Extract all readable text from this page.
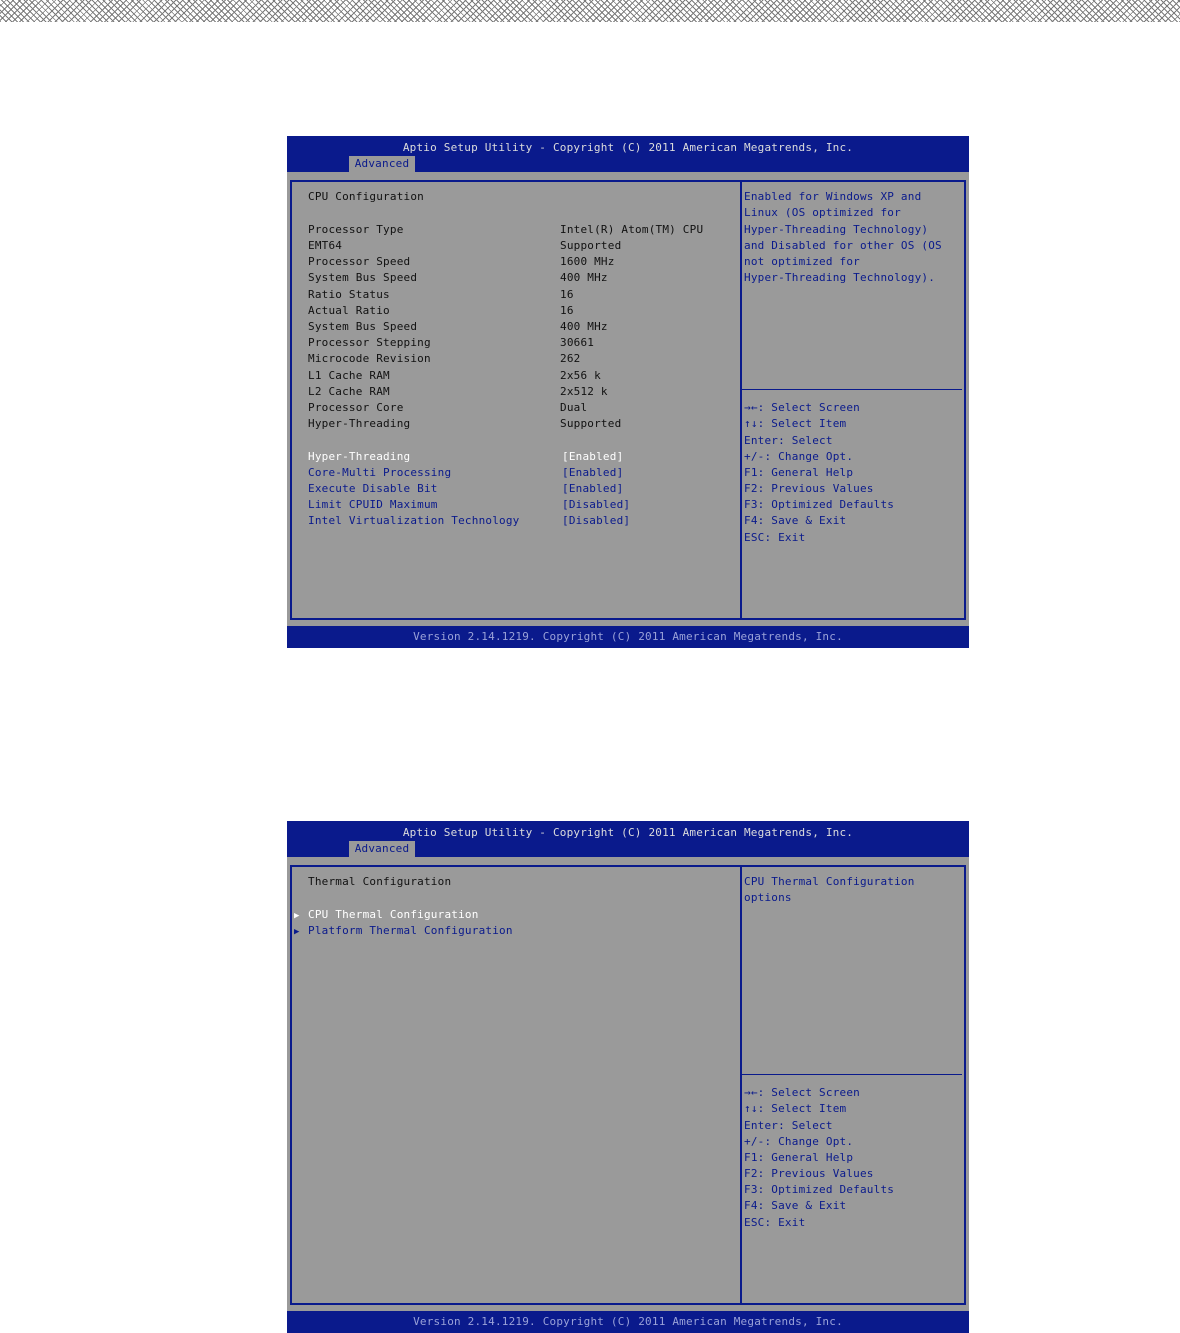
Aptio Setup Utility - Copyright (C) 2011 American Megatrends, Inc.
Advanced
CPU Configuration
Processor Type	Intel(R) Atom(TM) CPU
EMT64	Supported
Processor Speed	1600 MHz
System Bus Speed	400 MHz
Ratio Status	16
Actual Ratio	16
System Bus Speed	400 MHz
Processor Stepping	30661
Microcode Revision	262
L1 Cache RAM	2x56 k
L2 Cache RAM	2x512 k
Processor Core	Dual
Hyper-Threading	Supported
Hyper-Threading	[Enabled]
Core-Multi Processing	[Enabled]
Execute Disable Bit	[Enabled]
Limit CPUID Maximum	[Disabled]
Intel Virtualization Technology	[Disabled]
Enabled for Windows XP and
Linux (OS optimized for
Hyper-Threading Technology)
and Disabled for other OS (OS
not optimized for
Hyper-Threading Technology).
→←: Select Screen
↑↓: Select Item
Enter: Select
+/-: Change Opt.
F1: General Help
F2: Previous Values
F3: Optimized Defaults
F4: Save & Exit
ESC: Exit
Version 2.14.1219. Copyright (C) 2011 American Megatrends, Inc.
Aptio Setup Utility - Copyright (C) 2011 American Megatrends, Inc.
Advanced
Thermal Configuration
▶ CPU Thermal Configuration
▶ Platform Thermal Configuration
CPU Thermal Configuration
options
→←: Select Screen
↑↓: Select Item
Enter: Select
+/-: Change Opt.
F1: General Help
F2: Previous Values
F3: Optimized Defaults
F4: Save & Exit
ESC: Exit
Version 2.14.1219. Copyright (C) 2011 American Megatrends, Inc.
